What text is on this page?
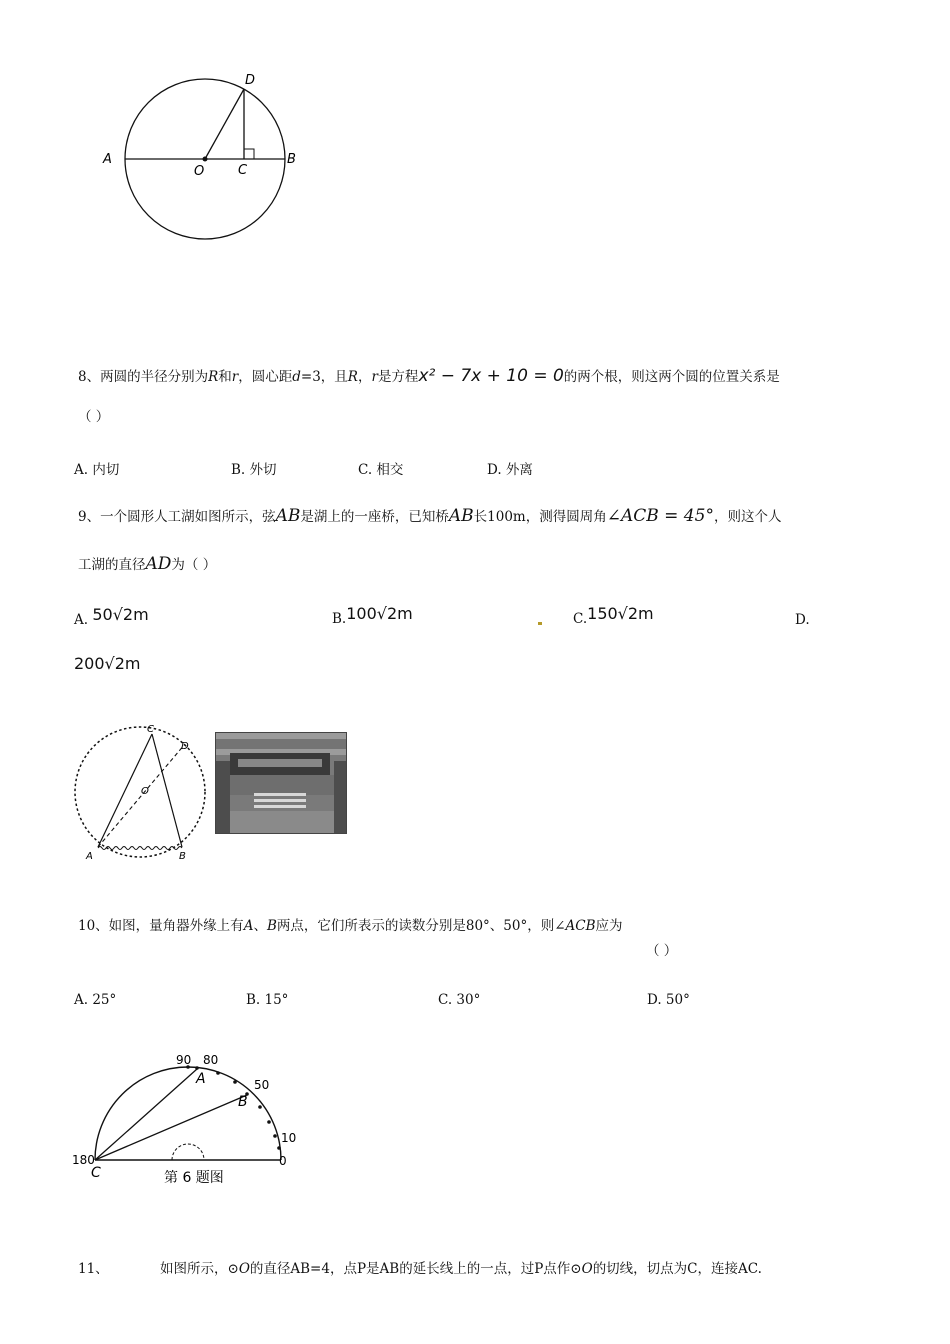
A	B
C
D
O
8、两圆的半径分别为R和r，圆心距d=3，且R，r是方程x² − 7x + 10 = 0的两个根，则这两个圆的位置关系是
（ ）
A. 内切	B. 外切	C. 相交	D. 外离
9、一个圆形人工湖如图所示，弦AB是湖上的一座桥，已知桥AB长100m，测得圆周角∠ACB = 45°，则这个人
工湖的直径AD为（ ）
A. 50√2m	B.100√2m	C.150√2m	D.
200√2m
C
D
O
A	B
10、如图，量角器外缘上有A、B两点，它们所表示的读数分别是80°、50°，则∠ACB应为
（ ）
A. 25°	B. 15°	C. 30°	D. 50°
90 80
50
10
0
180
A
B
C	第 6 题图
11、	如图所示，⊙O的直径AB=4，点P是AB的延长线上的一点，过P点作⊙O的切线，切点为C，连接AC.
